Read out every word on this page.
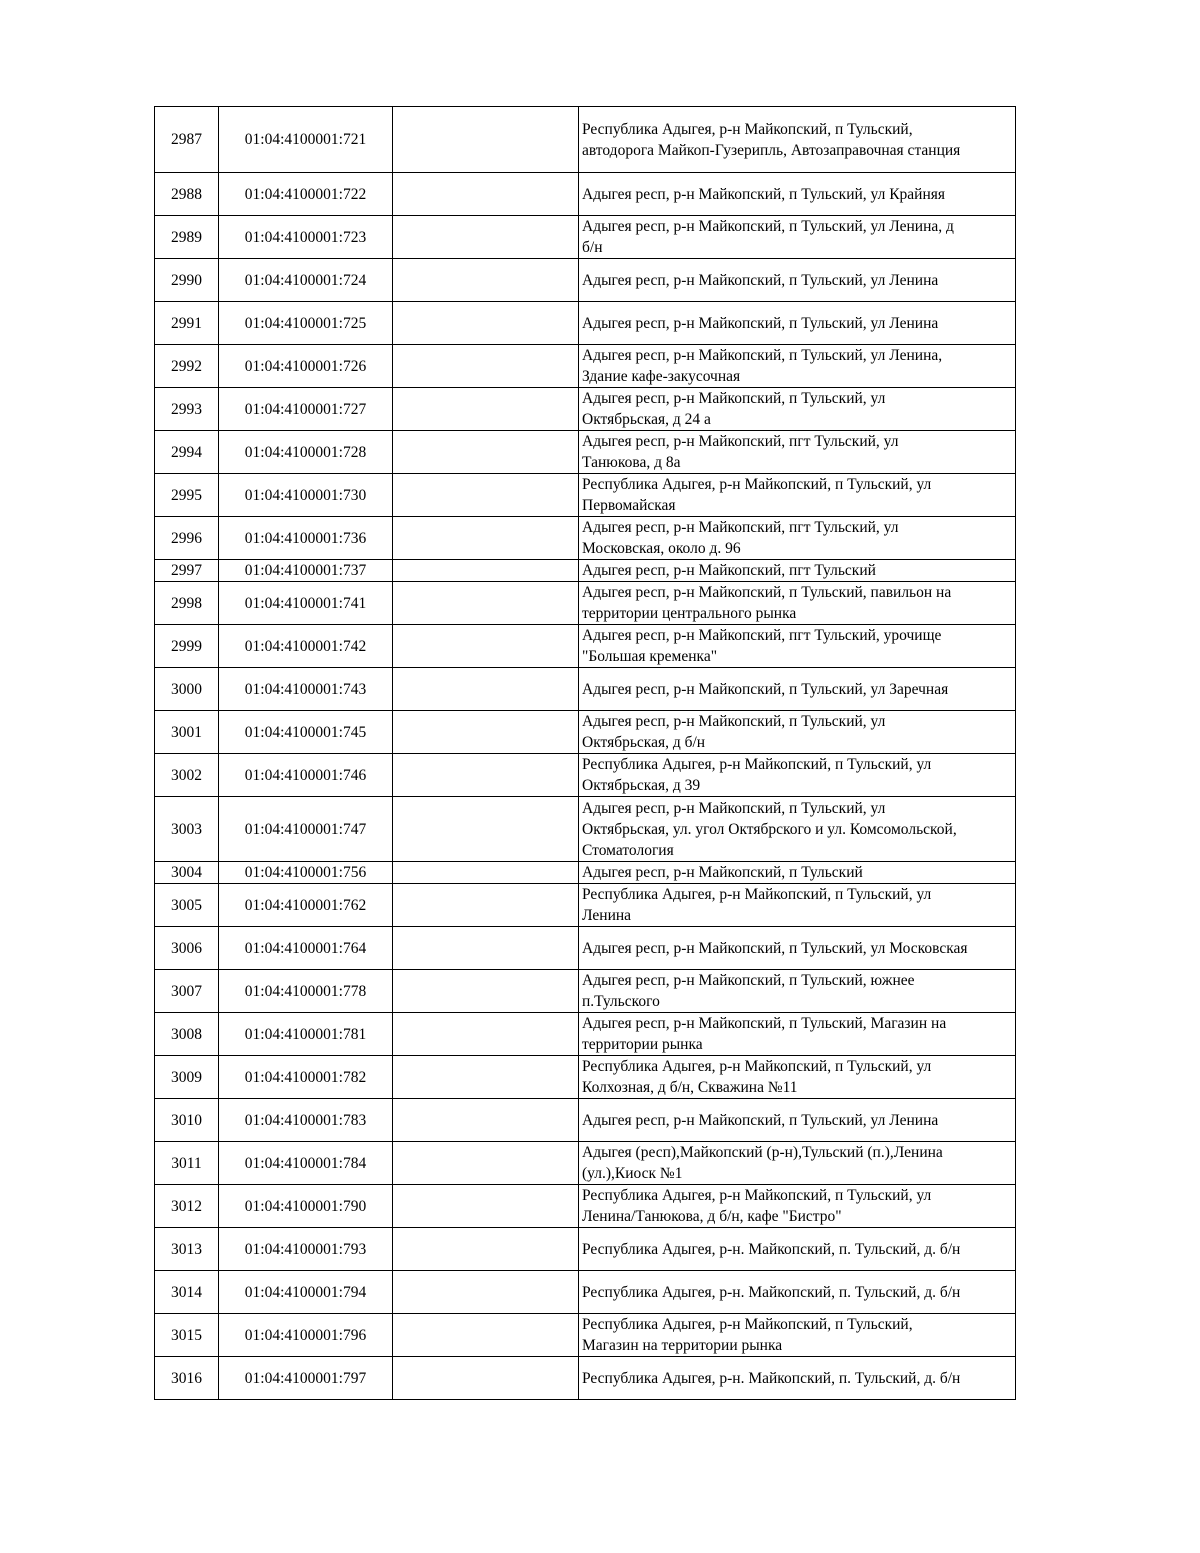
2987	01:04:4100001:721		Республика Адыгея, р-н Майкопский, п Тульский,
автодорога Майкоп-Гузерипль, Автозаправочная станция
2988	01:04:4100001:722		Адыгея респ, р-н Майкопский, п Тульский, ул Крайняя
2989	01:04:4100001:723		Адыгея респ, р-н Майкопский, п Тульский, ул Ленина, д
б/н
2990	01:04:4100001:724		Адыгея респ, р-н Майкопский, п Тульский, ул Ленина
2991	01:04:4100001:725		Адыгея респ, р-н Майкопский, п Тульский, ул Ленина
2992	01:04:4100001:726		Адыгея респ, р-н Майкопский, п Тульский, ул Ленина,
Здание кафе-закусочная
2993	01:04:4100001:727		Адыгея респ, р-н Майкопский, п Тульский, ул
Октябрьская, д 24 а
2994	01:04:4100001:728		Адыгея респ, р-н Майкопский, пгт Тульский, ул
Танюкова, д 8а
2995	01:04:4100001:730		Республика Адыгея, р-н Майкопский, п Тульский, ул
Первомайская
2996	01:04:4100001:736		Адыгея респ, р-н Майкопский, пгт Тульский, ул
Московская, около д. 96
2997	01:04:4100001:737		Адыгея респ, р-н Майкопский, пгт Тульский
2998	01:04:4100001:741		Адыгея респ, р-н Майкопский, п Тульский, павильон на
территории центрального рынка
2999	01:04:4100001:742		Адыгея респ, р-н Майкопский, пгт Тульский, урочище
"Большая кременка"
3000	01:04:4100001:743		Адыгея респ, р-н Майкопский, п Тульский, ул Заречная
3001	01:04:4100001:745		Адыгея респ, р-н Майкопский, п Тульский, ул
Октябрьская, д б/н
3002	01:04:4100001:746		Республика Адыгея, р-н Майкопский, п Тульский, ул
Октябрьская, д 39
3003	01:04:4100001:747		Адыгея респ, р-н Майкопский, п Тульский, ул
Октябрьская, ул. угол Октябрского и ул. Комсомольской,
Стоматология
3004	01:04:4100001:756		Адыгея респ, р-н Майкопский, п Тульский
3005	01:04:4100001:762		Республика Адыгея, р-н Майкопский, п Тульский, ул
Ленина
3006	01:04:4100001:764		Адыгея респ, р-н Майкопский, п Тульский, ул Московская
3007	01:04:4100001:778		Адыгея респ, р-н Майкопский, п Тульский, южнее
п.Тульского
3008	01:04:4100001:781		Адыгея респ, р-н Майкопский, п Тульский, Магазин на
территории рынка
3009	01:04:4100001:782		Республика Адыгея, р-н Майкопский, п Тульский, ул
Колхозная, д б/н, Скважина №11
3010	01:04:4100001:783		Адыгея респ, р-н Майкопский, п Тульский, ул Ленина
3011	01:04:4100001:784		Адыгея (респ),Майкопский (р-н),Тульский (п.),Ленина
(ул.),Киоск №1
3012	01:04:4100001:790		Республика Адыгея, р-н Майкопский, п Тульский, ул
Ленина/Танюкова, д б/н, кафе "Бистро"
3013	01:04:4100001:793		Республика Адыгея, р-н. Майкопский, п. Тульский, д. б/н
3014	01:04:4100001:794		Республика Адыгея, р-н. Майкопский, п. Тульский, д. б/н
3015	01:04:4100001:796		Республика Адыгея, р-н Майкопский, п Тульский,
Магазин на территории рынка
3016	01:04:4100001:797		Республика Адыгея, р-н. Майкопский, п. Тульский, д. б/н
